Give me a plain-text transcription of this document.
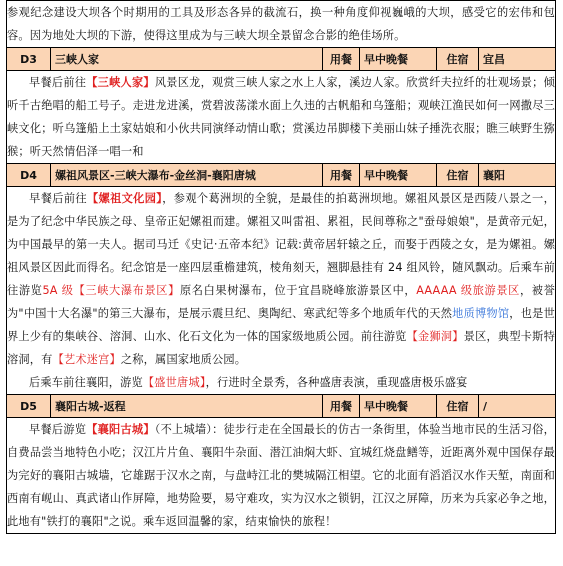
参观纪念建设大坝各个时期用的工具及形态各异的截流石，换一种角度仰视巍峨的大坝，感受它的宏伟和包容。因为地处大坝的下游，使得这里成为与三峡大坝全景留念合影的绝佳场所。					
D3	三峡人家	用餐	早中晚餐	住宿	宜昌
早餐后前往【三峡人家】风景区龙，观赏三峡人家之水上人家，溪边人家。欣赏纤夫拉纤的壮观场景；倾听千古绝唱的船工号子。走进龙进溪，赏碧波荡漾水面上久违的古帆船和乌篷船；观峡江渔民如何一网撒尽三峡文化；听乌篷船上土家姑娘和小伙共同演绎动情山歌；赏溪边吊脚楼下美丽山妹子捶洗衣服；瞧三峡野生猕猴；听天然情侣泽一唱一和					
D4	嫘祖风景区-三峡大瀑布-金丝洞-襄阳唐城	用餐	早中晚餐	住宿	襄阳
早餐后前往【嫘祖文化园】，参观个葛洲坝的全貌，是最佳的拍葛洲坝地。嫘祖风景区是西陵八景之一，是为了纪念中华民族之母、皇帝正妃嫘祖而建。嫘祖又叫雷祖、累祖，民间尊称之"蚕母娘娘"，是黄帝元妃，为中国最早的第一夫人。据司马迁《史记·五帝本纪》记载:黄帝居轩辕之丘，而娶于西陵之女，是为嫘祖。嫘祖风景区因此而得名。纪念馆是一座四层重檐建筑，棱角刻天，翘脚悬挂有 24 组风铃，随风飘动。后乘车前往游览5A 级【三峡大瀑布景区】原名白果树瀑布，位于宜昌晓峰旅游景区中，AAAAA 级旅游景区，被誉为"中国十大名瀑"的第三大瀑布，是展示震旦纪、奥陶纪、寒武纪等多个地质年代的天然地质博物馆，也是世界上少有的集峡谷、溶洞、山水、化石文化为一体的国家级地质公园。前往游览【金狮洞】景区，典型卡斯特溶洞，有【艺术迷宫】之称，属国家地质公园。
后乘车前往襄阳，游览【盛世唐城】，行进时全景秀，各种盛唐表演，重现盛唐极乐盛宴					
D5	襄阳古城-返程	用餐	早中晚餐	住宿	/
早餐后游览【襄阳古城】（不上城墙）：徒步行走在全国最长的仿古一条街里，体验当地市民的生活习俗，自费品尝当地特色小吃；汉江片片鱼、襄阳牛杂面、潜江油焖大虾、宜城红烧盘鳝等，近距离外观中国保存最为完好的襄阳古城墙，它雄踞于汉水之南，与盘峙江北的樊城隔江相望。它的北面有滔滔汉水作天堑，南面和西南有岘山、真武诸山作屏障，地势险要，易守难攻，实为汉水之锁钥，江汉之屏障，历来为兵家必争之地，此地有"铁打的襄阳"之说。乘车返回温馨的家，结束愉快的旅程！					
